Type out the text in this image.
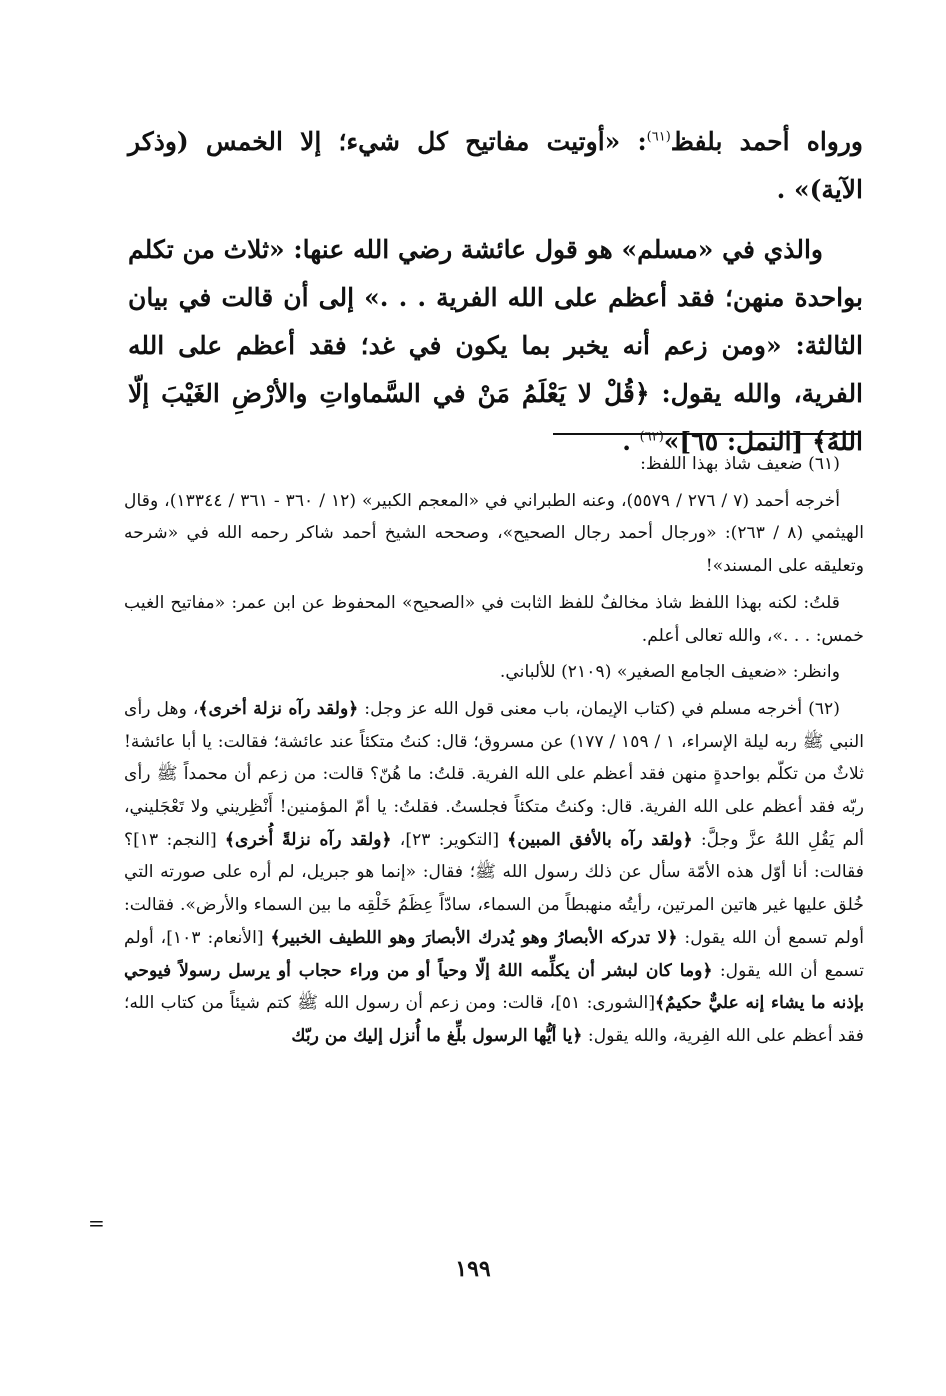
ورواه أحمد بلفظ$^{(٦١)}$: «أوتيت مفاتيح كل شيء؛ إلا الخمس (وذكر الآية)» .

والذي في «مسلم» هو قول عائشة رضي الله عنها: «ثلاث من تكلم بواحدة منهن؛ فقد أعظم على الله الفرية . . .» إلى أن قالت في بيان الثالثة: «ومن زعم أنه يخبر بما يكون في غد؛ فقد أعظم على الله الفرية، والله يقول: ﴿قُلْ لا يَعْلَمُ مَنْ في السَّماواتِ والأرْضِ الغَيْبَ إلّا اللهُ﴾ [النمل: ٦٥]»$^{(٦٢)}$ .

(٦١) ضعيف شاذ بهذا اللفظ:

أخرجه أحمد (٧ / ٢٧٦ / ٥٥٧٩)، وعنه الطبراني في «المعجم الكبير» (١٢ / ٣٦٠ - ٣٦١ / ١٣٣٤٤)، وقال الهيثمي (٨ / ٢٦٣): «ورجال أحمد رجال الصحيح»، وصححه الشيخ أحمد شاكر رحمه الله في «شرحه وتعليقه على المسند»!

قلتُ: لكنه بهذا اللفظ شاذ مخالفٌ للفظ الثابت في «الصحيح» المحفوظ عن ابن عمر: «مفاتيح الغيب خمس: . . .»، والله تعالى أعلم.

وانظر: «ضعيف الجامع الصغير» (٢١٠٩) للألباني.

(٦٢) أخرجه مسلم في (كتاب الإيمان، باب معنى قول الله عز وجل: ﴿ولقد رآه نزلة أخرى﴾، وهل رأى النبي ﷺ ربه ليلة الإسراء، ١ / ١٥٩ / ١٧٧) عن مسروق؛ قال: كنتُ متكئاً عند عائشة؛ فقالت: يا أبا عائشة! ثلاثٌ من تكلّم بواحدةٍ منهن فقد أعظم على الله الفرية. قلتُ: ما هُنّ؟ قالت: من زعم أن محمداً ﷺ رأى ربّه فقد أعظم على الله الفرية. قال: وكنتُ متكئاً فجلستُ. فقلتُ: يا أمّ المؤمنين! أَنْظِريني ولا تَعْجَليني، ألم يَقُلِ اللهُ عزَّ وجلَّ: ﴿ولقد رآه بالأفق المبين﴾ [التكوير: ٢٣]، ﴿ولقد رآه نزلةً أُخرى﴾ [النجم: ١٣]؟ فقالت: أنا أوّل هذه الأمّة سأل عن ذلك رسول الله ﷺ؛ فقال: «إنما هو جبريل، لم أره على صورته التي خُلق عليها غير هاتين المرتين، رأيتُه منهبطاً من السماء، سادّاً عِظَمُ خَلْقِه ما بين السماء والأرض». فقالت: أولم تسمع أن الله يقول: ﴿لا تدركه الأبصارُ وهو يُدرك الأبصارَ وهو اللطيف الخبير﴾ [الأنعام: ١٠٣]، أولم تسمع أن الله يقول: ﴿وما كان لبشر أن يكلِّمه اللهُ إلّا وحياً أو من وراء حجاب أو يرسل رسولاً فيوحي بإذنه ما يشاء إنه عليٌّ حكيمٌ﴾[الشورى: ٥١]، قالت: ومن زعم أن رسول الله ﷺ كتم شيئاً من كتاب الله؛ فقد أعظم على الله الفِرية، والله يقول: ﴿يا أيُّها الرسول بلِّغ ما أُنزل إليك من ربّك

=
١٩٩
